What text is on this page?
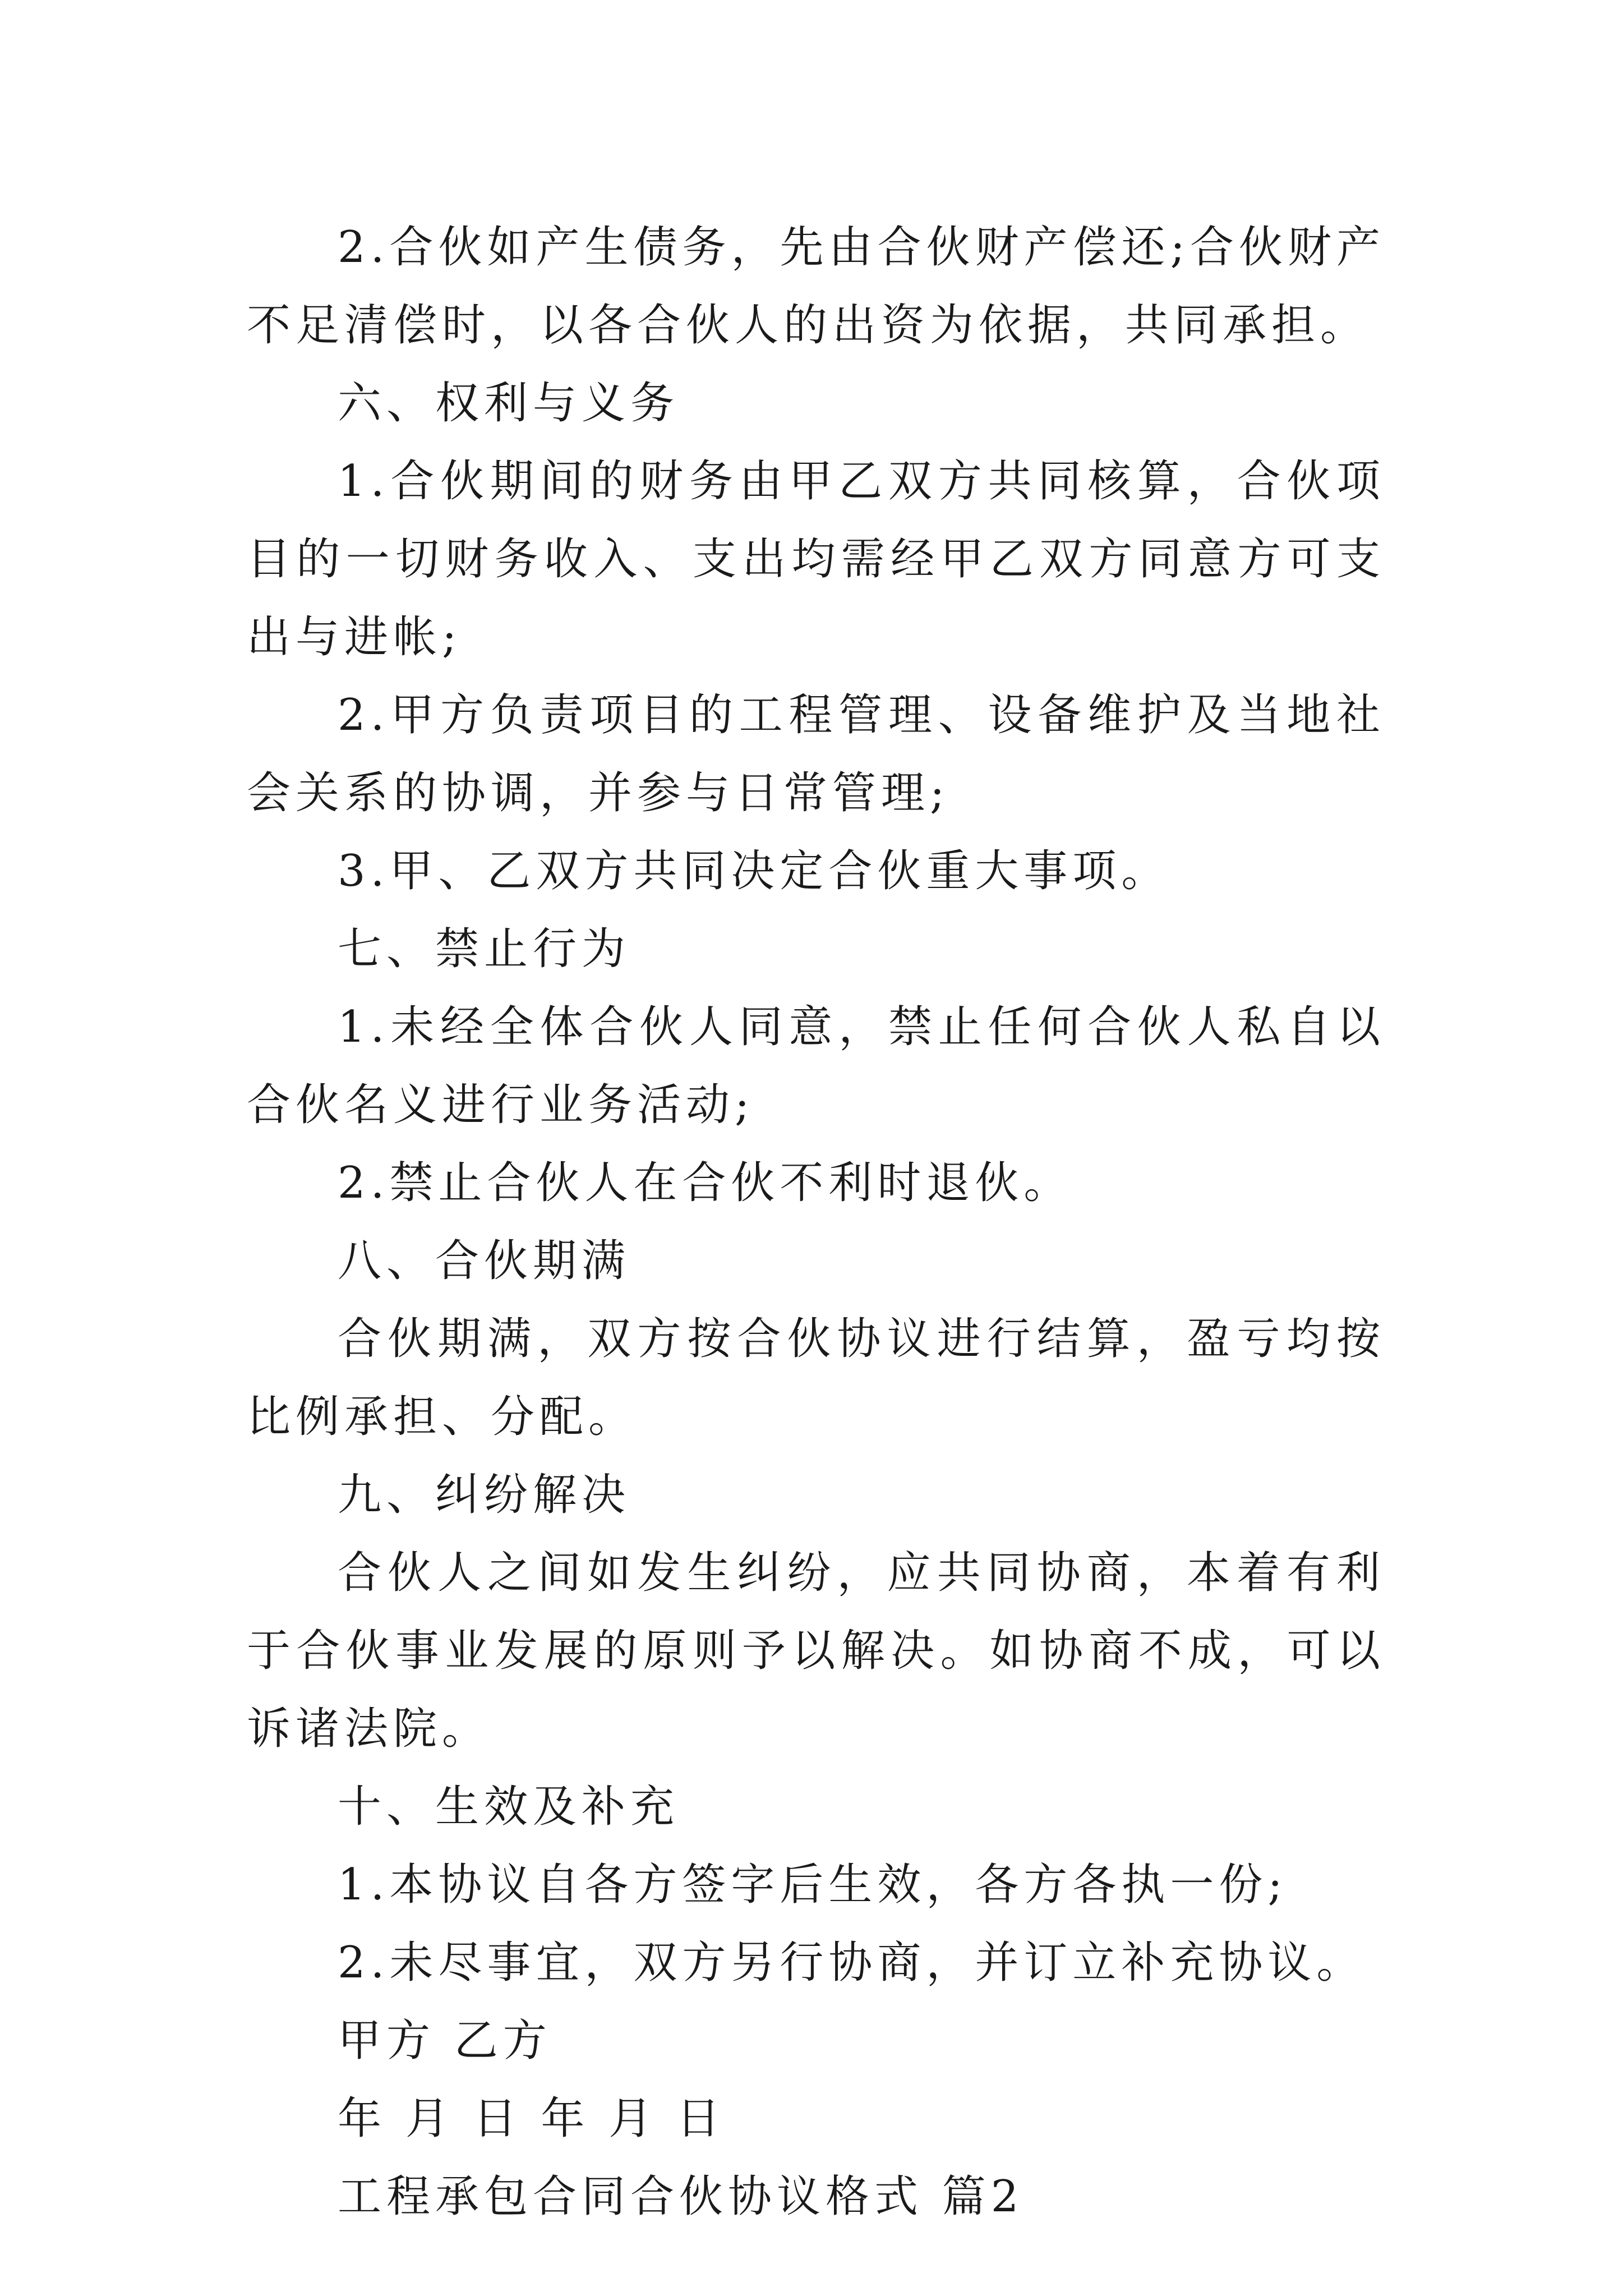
2.合伙如产生债务，先由合伙财产偿还;合伙财产不足清偿时，以各合伙人的出资为依据，共同承担。

六、权利与义务

1.合伙期间的财务由甲乙双方共同核算，合伙项目的一切财务收入、支出均需经甲乙双方同意方可支出与进帐;

2.甲方负责项目的工程管理、设备维护及当地社会关系的协调，并参与日常管理;

3.甲、乙双方共同决定合伙重大事项。

七、禁止行为

1.未经全体合伙人同意，禁止任何合伙人私自以合伙名义进行业务活动;

2.禁止合伙人在合伙不利时退伙。

八、合伙期满

合伙期满，双方按合伙协议进行结算，盈亏均按比例承担、分配。

九、纠纷解决

合伙人之间如发生纠纷，应共同协商，本着有利于合伙事业发展的原则予以解决。如协商不成，可以诉诸法院。

十、生效及补充

1.本协议自各方签字后生效，各方各执一份;

2.未尽事宜，双方另行协商，并订立补充协议。

甲方 乙方

年 月 日 年 月 日

工程承包合同合伙协议格式 篇2
